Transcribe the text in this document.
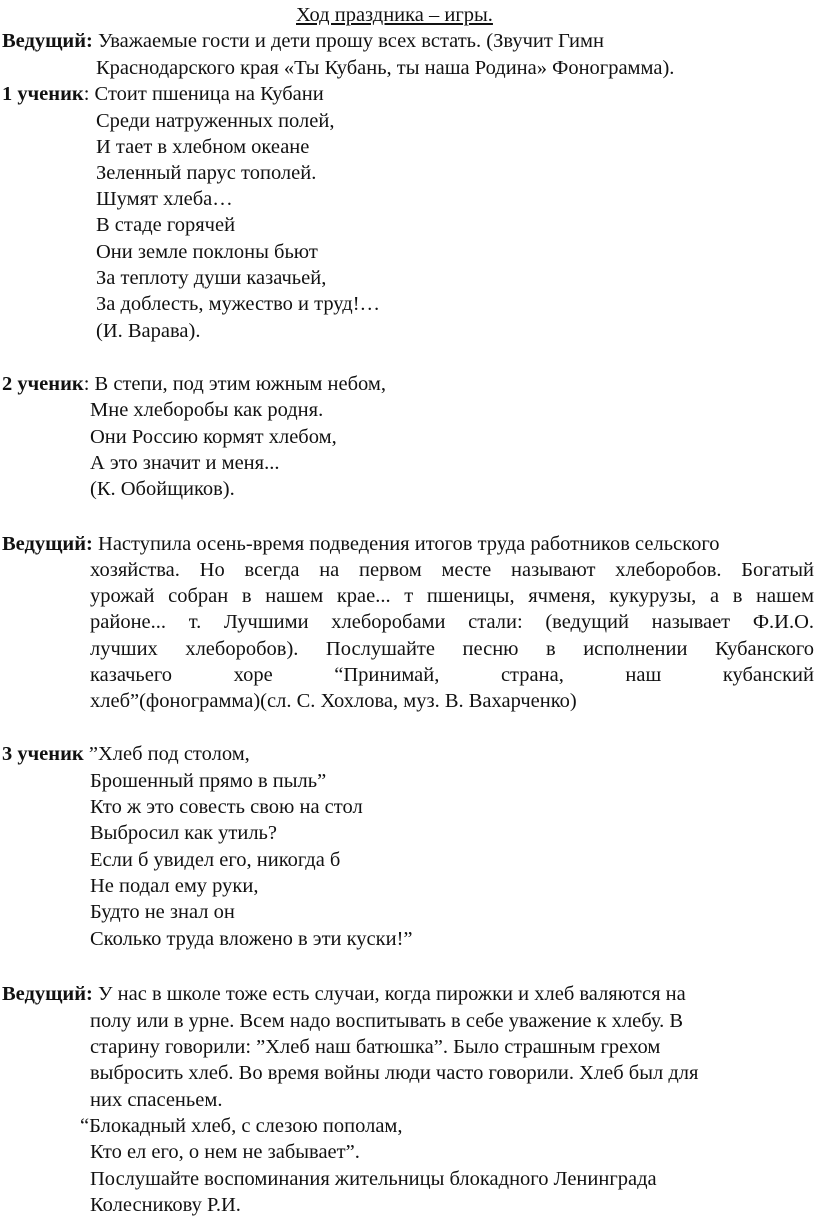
Ход праздника – игры.
Ведущий: Уважаемые гости и дети прошу всех встать. (Звучит Гимн
Краснодарского края «Ты Кубань, ты наша Родина» Фонограмма).
1 ученик: Стоит пшеница на Кубани
Среди натруженных полей,
И тает в хлебном океане
Зеленный парус тополей.
Шумят хлеба…
В стаде горячей
Они земле поклоны бьют
За теплоту души казачьей,
За доблесть, мужество и труд!…
(И. Варава).
2 ученик: В степи, под этим южным небом,
Мне хлеборобы как родня.
Они Россию кормят хлебом,
А это значит и меня...
(К. Обойщиков).
Ведущий: Наступила осень-время подведения итогов труда работников сельского
хозяйства. Но всегда на первом месте называют хлеборобов. Богатый
урожай собран в нашем крае... т пшеницы, ячменя, кукурузы, а в нашем
районе... т. Лучшими хлеборобами стали: (ведущий называет Ф.И.О.
лучших хлеборобов). Послушайте песню в исполнении Кубанского
казачьего хоре “Принимай, страна, наш кубанский
хлеб”(фонограмма)(сл. С. Хохлова, муз. В. Вахарченко)
3 ученик ”Хлеб под столом,
Брошенный прямо в пыль”
Кто ж это совесть свою на стол
Выбросил как утиль?
Если б увидел его, никогда б
Не подал ему руки,
Будто не знал он
Сколько труда вложено в эти куски!”
Ведущий: У нас в школе тоже есть случаи, когда пирожки и хлеб валяются на
полу или в урне. Всем надо воспитывать в себе уважение к хлебу. В
старину говорили: ”Хлеб наш батюшка”. Было страшным грехом
выбросить хлеб. Во время войны люди часто говорили. Хлеб был для
них спасеньем.
“Блокадный хлеб, с слезою пополам,
Кто ел его, о нем не забывает”.
Послушайте воспоминания жительницы блокадного Ленинграда
Колесникову Р.И.
